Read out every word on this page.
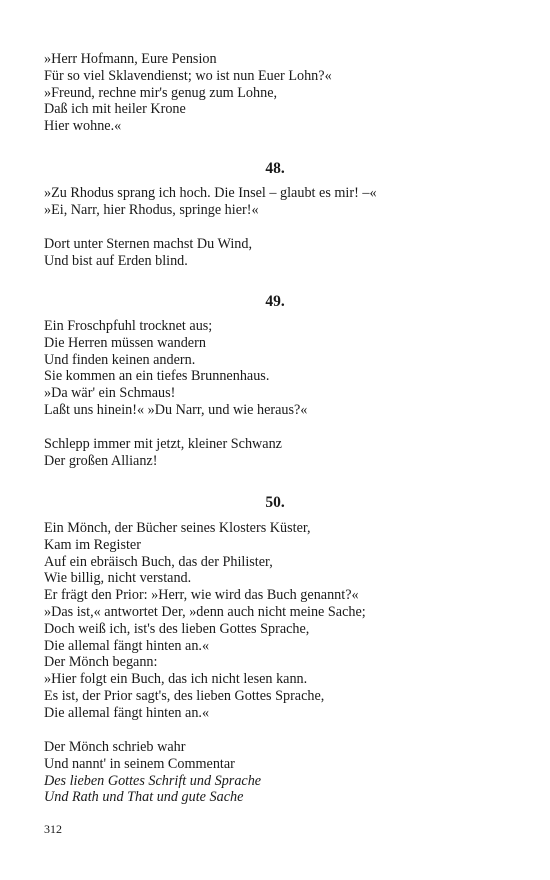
»Herr Hofmann, Eure Pension
Für so viel Sklavendienst; wo ist nun Euer Lohn?«
»Freund, rechne mir's genug zum Lohne,
Daß ich mit heiler Krone
Hier wohne.«
48.
»Zu Rhodus sprang ich hoch. Die Insel – glaubt es mir! –«
»Ei, Narr, hier Rhodus, springe hier!«
Dort unter Sternen machst Du Wind,
Und bist auf Erden blind.
49.
Ein Froschpfuhl trocknet aus;
Die Herren müssen wandern
Und finden keinen andern.
Sie kommen an ein tiefes Brunnenhaus.
»Da wär' ein Schmaus!
Laßt uns hinein!« »Du Narr, und wie heraus?«
Schlepp immer mit jetzt, kleiner Schwanz
Der großen Allianz!
50.
Ein Mönch, der Bücher seines Klosters Küster,
Kam im Register
Auf ein ebräisch Buch, das der Philister,
Wie billig, nicht verstand.
Er frägt den Prior: »Herr, wie wird das Buch genannt?«
»Das ist,« antwortet Der, »denn auch nicht meine Sache;
Doch weiß ich, ist's des lieben Gottes Sprache,
Die allemal fängt hinten an.«
Der Mönch begann:
»Hier folgt ein Buch, das ich nicht lesen kann.
Es ist, der Prior sagt's, des lieben Gottes Sprache,
Die allemal fängt hinten an.«
Der Mönch schrieb wahr
Und nannt' in seinem Commentar
Des lieben Gottes Schrift und Sprache
Und Rath und That und gute Sache
312
